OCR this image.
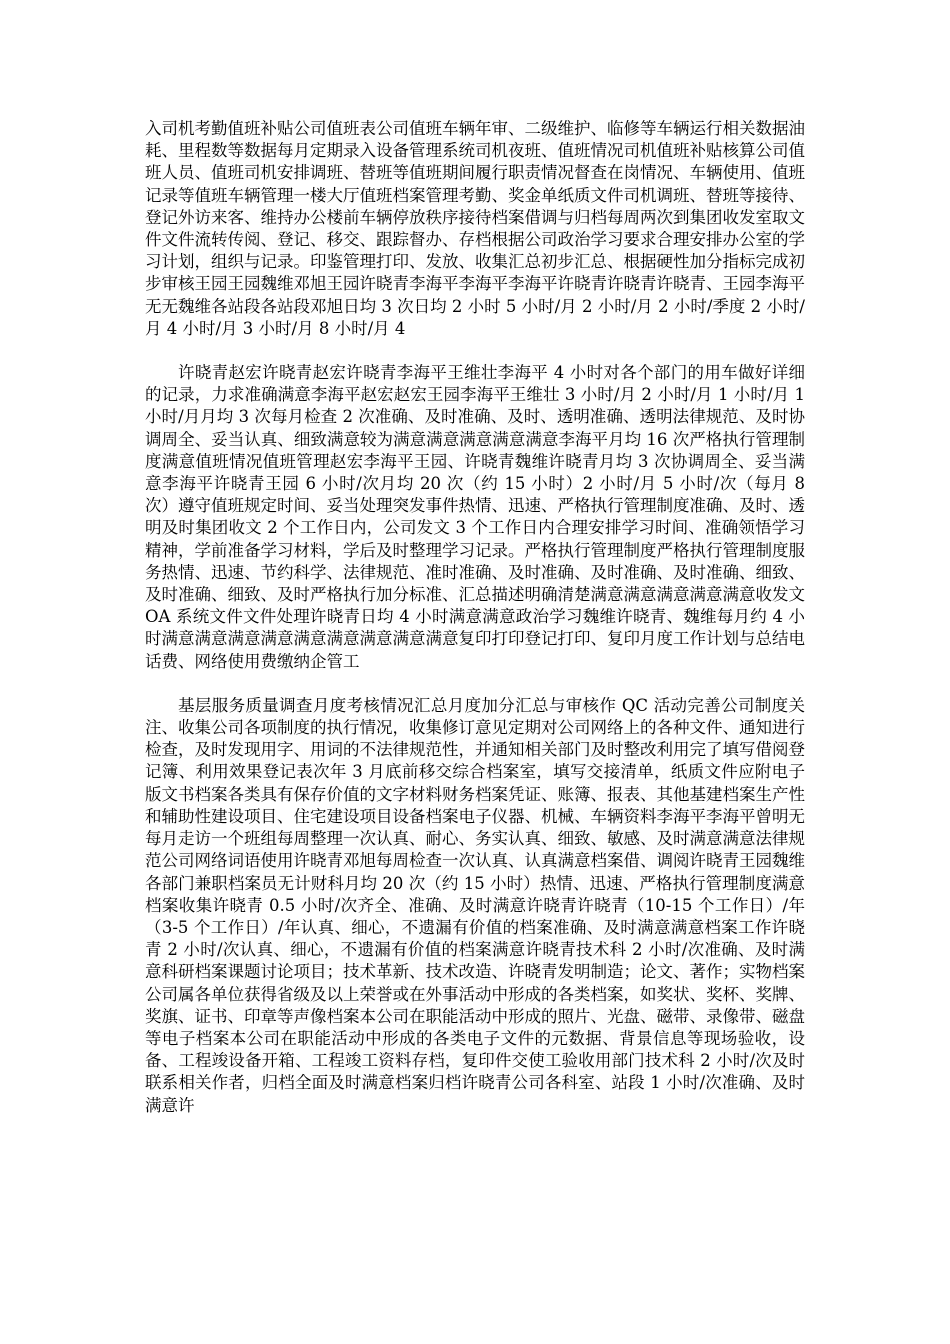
入司机考勤值班补贴公司值班表公司值班车辆年审、二级维护、临修等车辆运行相关数据油耗、里程数等数据每月定期录入设备管理系统司机夜班、值班情况司机值班补贴核算公司值班人员、值班司机安排调班、替班等值班期间履行职责情况督查在岗情况、车辆使用、值班记录等值班车辆管理一楼大厅值班档案管理考勤、奖金单纸质文件司机调班、替班等接待、登记外访来客、维持办公楼前车辆停放秩序接待档案借调与归档每周两次到集团收发室取文件文件流转传阅、登记、移交、跟踪督办、存档根据公司政治学习要求合理安排办公室的学习计划，组织与记录。印鉴管理打印、发放、收集汇总初步汇总、根据硬性加分指标完成初步审核王园王园魏维邓旭王园许晓青李海平李海平李海平许晓青许晓青许晓青、王园李海平无无魏维各站段各站段邓旭日均 3 次日均 2 小时 5 小时/月 2 小时/月 2 小时/季度 2 小时/月 4 小时/月 3 小时/月 8 小时/月 4

许晓青赵宏许晓青赵宏许晓青李海平王维壮李海平 4 小时对各个部门的用车做好详细的记录，力求准确满意李海平赵宏赵宏王园李海平王维壮 3 小时/月 2 小时/月 1 小时/月 1 小时/月月均 3 次每月检查 2 次准确、及时准确、及时、透明准确、透明法律规范、及时协调周全、妥当认真、细致满意较为满意满意满意满意满意李海平月均 16 次严格执行管理制度满意值班情况值班管理赵宏李海平王园、许晓青魏维许晓青月均 3 次协调周全、妥当满意李海平许晓青王园 6 小时/次月均 20 次（约 15 小时）2 小时/月 5 小时/次（每月 8 次）遵守值班规定时间、妥当处理突发事件热情、迅速、严格执行管理制度准确、及时、透明及时集团收文 2 个工作日内，公司发文 3 个工作日内合理安排学习时间、准确领悟学习精神，学前准备学习材料，学后及时整理学习记录。严格执行管理制度严格执行管理制度服务热情、迅速、节约科学、法律规范、准时准确、及时准确、及时准确、及时准确、细致、及时准确、细致、及时严格执行加分标准、汇总描述明确清楚满意满意满意满意满意收发文 OA 系统文件文件处理许晓青日均 4 小时满意满意政治学习魏维许晓青、魏维每月约 4 小时满意满意满意满意满意满意满意满意满意复印打印登记打印、复印月度工作计划与总结电话费、网络使用费缴纳企管工

基层服务质量调查月度考核情况汇总月度加分汇总与审核作 QC 活动完善公司制度关注、收集公司各项制度的执行情况，收集修订意见定期对公司网络上的各种文件、通知进行检查，及时发现用字、用词的不法律规范性，并通知相关部门及时整改利用完了填写借阅登记簿、利用效果登记表次年 3 月底前移交综合档案室，填写交接清单，纸质文件应附电子版文书档案各类具有保存价值的文字材料财务档案凭证、账簿、报表、其他基建档案生产性和辅助性建设项目、住宅建设项目设备档案电子仪器、机械、车辆资料李海平李海平曾明无每月走访一个班组每周整理一次认真、耐心、务实认真、细致、敏感、及时满意满意法律规范公司网络词语使用许晓青邓旭每周检查一次认真、认真满意档案借、调阅许晓青王园魏维各部门兼职档案员无计财科月均 20 次（约 15 小时）热情、迅速、严格执行管理制度满意档案收集许晓青 0.5 小时/次齐全、准确、及时满意许晓青许晓青（10-15 个工作日）/年（3-5 个工作日）/年认真、细心，不遗漏有价值的档案准确、及时满意满意档案工作许晓青 2 小时/次认真、细心，不遗漏有价值的档案满意许晓青技术科 2 小时/次准确、及时满意科研档案课题讨论项目；技术革新、技术改造、许晓青发明制造；论文、著作；实物档案公司属各单位获得省级及以上荣誉或在外事活动中形成的各类档案，如奖状、奖杯、奖牌、奖旗、证书、印章等声像档案本公司在职能活动中形成的照片、光盘、磁带、录像带、磁盘等电子档案本公司在职能活动中形成的各类电子文件的元数据、背景信息等现场验收，设备、工程竣设备开箱、工程竣工资料存档，复印件交使工验收用部门技术科 2 小时/次及时联系相关作者，归档全面及时满意档案归档许晓青公司各科室、站段 1 小时/次准确、及时满意许
